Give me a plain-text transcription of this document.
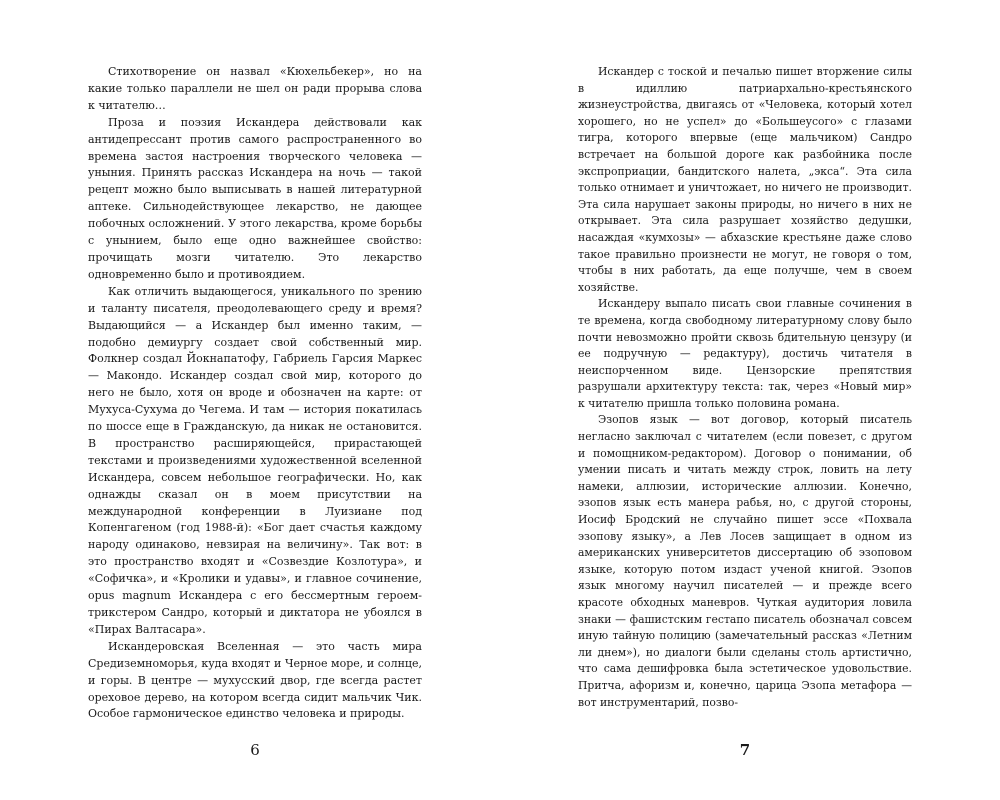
Стихотворение он назвал «Кюхельбекер», но на какие только параллели не шел он ради прорыва слова к читателю…

Проза и поэзия Искандера действовали как антидепрессант против самого распространенного во времена застоя настроения творческого человека — уныния. Принять рассказ Искандера на ночь — такой рецепт можно было выписывать в нашей литературной аптеке. Сильнодействующее лекарство, не дающее побочных осложнений. У этого лекарства, кроме борьбы с унынием, было еще одно важнейшее свойство: прочищать мозги читателю. Это лекарство одновременно было и противоядием.

Как отличить выдающегося, уникального по зрению и таланту писателя, преодолевающего среду и время? Выдающийся — а Искандер был именно таким, — подобно демиургу создает свой собственный мир. Фолкнер создал Йокнапатофу, Габриель Гарсия Маркес — Макондо. Искандер создал свой мир, которого до него не было, хотя он вроде и обозначен на карте: от Мухуса-Сухума до Чегема. И там — история покатилась по шоссе еще в Гражданскую, да никак не остановится. В пространство расширяющейся, прирастающей текстами и произведениями художественной вселенной Искандера, совсем небольшое географически. Но, как однажды сказал он в моем присутствии на международной конференции в Луизиане под Копенгагеном (год 1988-й): «Бог дает счастья каждому народу одинаково, невзирая на величину». Так вот: в это пространство входят и «Созвездие Козлотура», и «Софичка», и «Кролики и удавы», и главное сочинение, opus magnum Искандера с его бессмертным героем-трикстером Сандро, который и диктатора не убоялся в «Пирах Валтасара».

Искандеровская Вселенная — это часть мира Средиземноморья, куда входят и Черное море, и солнце, и горы. В центре — мухусский двор, где всегда растет ореховое дерево, на котором всегда сидит мальчик Чик. Особое гармоническое единство человека и природы.

6

Искандер с тоской и печалью пишет вторжение силы в идиллию патриархально-крестьянского жизнеустройства, двигаясь от «Человека, который хотел хорошего, но не успел» до «Большеусого» с глазами тигра, которого впервые (еще мальчиком) Сандро встречает на большой дороге как разбойника после экспроприации, бандитского налета, „экса“. Эта сила только отнимает и уничтожает, но ничего не производит. Эта сила нарушает законы природы, но ничего в них не открывает. Эта сила разрушает хозяйство дедушки, насаждая «кумхозы» — абхазские крестьяне даже слово такое правильно произнести не могут, не говоря о том, чтобы в них работать, да еще получше, чем в своем хозяйстве.

Искандеру выпало писать свои главные сочинения в те времена, когда свободному литературному слову было почти невозможно пройти сквозь бдительную цензуру (и ее подручную — редактуру), достичь читателя в неиспорченном виде. Цензорские препятствия разрушали архитектуру текста: так, через «Новый мир» к читателю пришла только половина романа.

Эзопов язык — вот договор, который писатель негласно заключал с читателем (если повезет, с другом и помощником-редактором). Договор о понимании, об умении писать и читать между строк, ловить на лету намеки, аллюзии, исторические аллюзии. Конечно, эзопов язык есть манера рабья, но, с другой стороны, Иосиф Бродский не случайно пишет эссе «Похвала эзопову языку», а Лев Лосев защищает в одном из американских университетов диссертацию об эзоповом языке, которую потом издаст ученой книгой. Эзопов язык многому научил писателей — и прежде всего красоте обходных маневров. Чуткая аудитория ловила знаки — фашистским гестапо писатель обозначал совсем иную тайную полицию (замечательный рассказ «Летним ли днем»), но диалоги были сделаны столь артистично, что сама дешифровка была эстетическое удовольствие. Притча, афоризм и, конечно, царица Эзопа метафора — вот инструментарий, позво-

7
